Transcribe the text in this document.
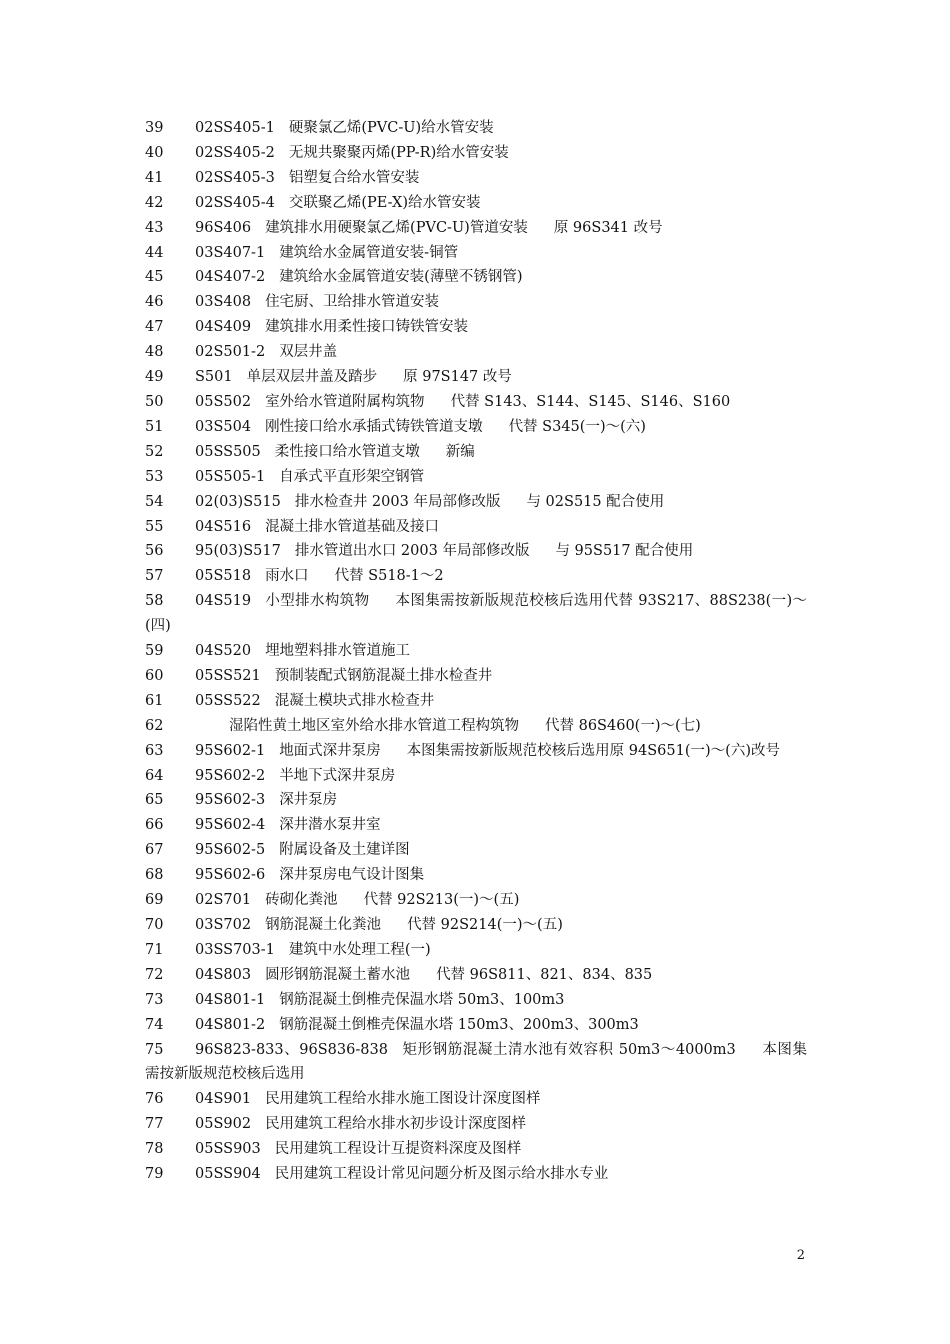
39 02SS405-1 硬聚氯乙烯(PVC-U)给水管安装
40 02SS405-2 无规共聚聚丙烯(PP-R)给水管安装
41 02SS405-3 铝塑复合给水管安装
42 02SS405-4 交联聚乙烯(PE-X)给水管安装
43 96S406 建筑排水用硬聚氯乙烯(PVC-U)管道安装 原 96S341 改号
44 03S407-1 建筑给水金属管道安装-铜管
45 04S407-2 建筑给水金属管道安装(薄壁不锈钢管)
46 03S408 住宅厨、卫给排水管道安装
47 04S409 建筑排水用柔性接口铸铁管安装
48 02S501-2 双层井盖
49 S501 单层双层井盖及踏步 原 97S147 改号
50 05S502 室外给水管道附属构筑物 代替 S143、S144、S145、S146、S160
51 03S504 刚性接口给水承插式铸铁管道支墩 代替 S345(一)～(六)
52 05SS505 柔性接口给水管道支墩 新编
53 05S505-1 自承式平直形架空钢管
54 02(03)S515 排水检查井 2003 年局部修改版 与 02S515 配合使用
55 04S516 混凝土排水管道基础及接口
56 95(03)S517 排水管道出水口 2003 年局部修改版 与 95S517 配合使用
57 05S518 雨水口 代替 S518-1～2
58 04S519 小型排水构筑物 本图集需按新版规范校核后选用代替 93S217、88S238(一)～(四)
59 04S520 埋地塑料排水管道施工
60 05SS521 预制装配式钢筋混凝土排水检查井
61 05SS522 混凝土模块式排水检查井
62	湿陷性黄土地区室外给水排水管道工程构筑物 代替 86S460(一)～(七)
63 95S602-1 地面式深井泵房 本图集需按新版规范校核后选用原 94S651(一)～(六)改号
64 95S602-2 半地下式深井泵房
65 95S602-3 深井泵房
66 95S602-4 深井潜水泵井室
67 95S602-5 附属设备及土建详图
68 95S602-6 深井泵房电气设计图集
69 02S701 砖砌化粪池 代替 92S213(一)～(五)
70 03S702 钢筋混凝土化粪池 代替 92S214(一)～(五)
71 03SS703-1 建筑中水处理工程(一)
72 04S803 圆形钢筋混凝土蓄水池 代替 96S811、821、834、835
73 04S801-1 钢筋混凝土倒椎壳保温水塔 50m3、100m3
74 04S801-2 钢筋混凝土倒椎壳保温水塔 150m3、200m3、300m3
75 96S823-833、96S836-838 矩形钢筋混凝土清水池有效容积 50m3～4000m3 本图集需按新版规范校核后选用
76 04S901 民用建筑工程给水排水施工图设计深度图样
77 05S902 民用建筑工程给水排水初步设计深度图样
78 05SS903 民用建筑工程设计互提资料深度及图样
79 05SS904 民用建筑工程设计常见问题分析及图示给水排水专业
2
